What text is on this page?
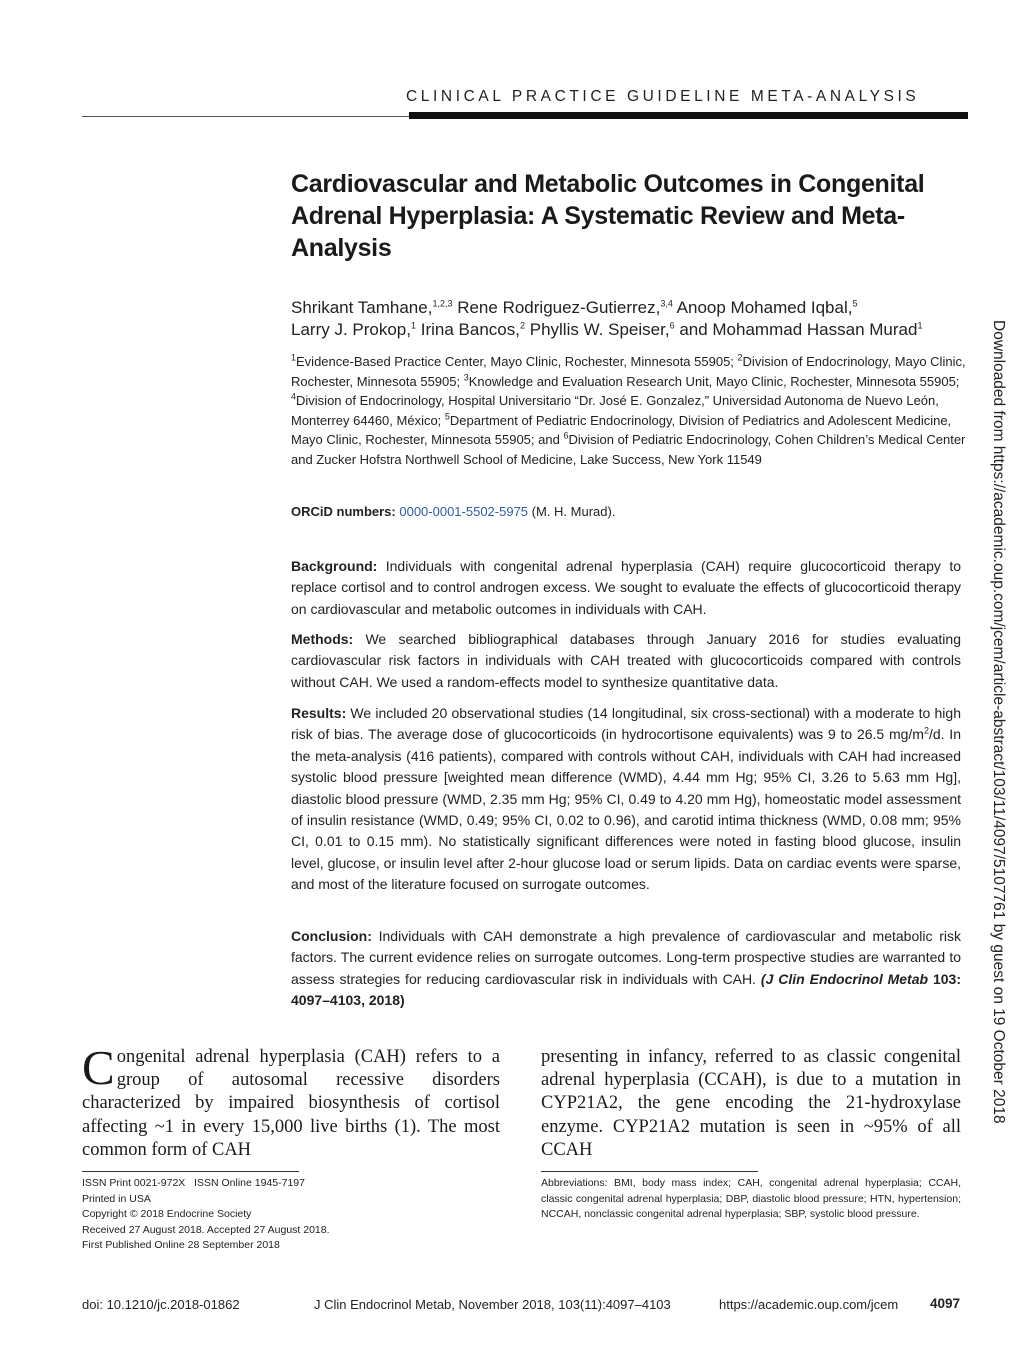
CLINICAL PRACTICE GUIDELINE META-ANALYSIS
Cardiovascular and Metabolic Outcomes in Congenital Adrenal Hyperplasia: A Systematic Review and Meta-Analysis
Shrikant Tamhane,$^{1,2,3}$ Rene Rodriguez-Gutierrez,$^{3,4}$ Anoop Mohamed Iqbal,$^5$
Larry J. Prokop,$^1$ Irina Bancos,$^2$ Phyllis W. Speiser,$^6$ and Mohammad Hassan Murad$^1$
$^1$Evidence-Based Practice Center, Mayo Clinic, Rochester, Minnesota 55905; $^2$Division of Endocrinology, Mayo Clinic, Rochester, Minnesota 55905; $^3$Knowledge and Evaluation Research Unit, Mayo Clinic, Rochester, Minnesota 55905; $^4$Division of Endocrinology, Hospital Universitario “Dr. José E. Gonzalez,” Universidad Autonoma de Nuevo León, Monterrey 64460, México; $^5$Department of Pediatric Endocrinology, Division of Pediatrics and Adolescent Medicine, Mayo Clinic, Rochester, Minnesota 55905; and $^6$Division of Pediatric Endocrinology, Cohen Children’s Medical Center and Zucker Hofstra Northwell School of Medicine, Lake Success, New York 11549
ORCiD numbers: 0000-0001-5502-5975 (M. H. Murad).
Background: Individuals with congenital adrenal hyperplasia (CAH) require glucocorticoid therapy to replace cortisol and to control androgen excess. We sought to evaluate the effects of glucocorticoid therapy on cardiovascular and metabolic outcomes in individuals with CAH.
Methods: We searched bibliographical databases through January 2016 for studies evaluating cardiovascular risk factors in individuals with CAH treated with glucocorticoids compared with controls without CAH. We used a random-effects model to synthesize quantitative data.
Results: We included 20 observational studies (14 longitudinal, six cross-sectional) with a moderate to high risk of bias. The average dose of glucocorticoids (in hydrocortisone equivalents) was 9 to 26.5 $mg/m^2/d$. In the meta-analysis (416 patients), compared with controls without CAH, individuals with CAH had increased systolic blood pressure [weighted mean difference (WMD), 4.44 mm Hg; 95% CI, 3.26 to 5.63 mm Hg], diastolic blood pressure (WMD, 2.35 mm Hg; 95% CI, 0.49 to 4.20 mm Hg), homeostatic model assessment of insulin resistance (WMD, 0.49; 95% CI, 0.02 to 0.96), and carotid intima thickness (WMD, 0.08 mm; 95% CI, 0.01 to 0.15 mm). No statistically significant differences were noted in fasting blood glucose, insulin level, glucose, or insulin level after 2-hour glucose load or serum lipids. Data on cardiac events were sparse, and most of the literature focused on surrogate outcomes.
Conclusion: Individuals with CAH demonstrate a high prevalence of cardiovascular and metabolic risk factors. The current evidence relies on surrogate outcomes. Long-term prospective studies are warranted to assess strategies for reducing cardiovascular risk in individuals with CAH. (J Clin Endocrinol Metab 103: 4097–4103, 2018)
Congenital adrenal hyperplasia (CAH) refers to a group of autosomal recessive disorders characterized by impaired biosynthesis of cortisol affecting ~1 in every 15,000 live births (1). The most common form of CAH
presenting in infancy, referred to as classic congenital adrenal hyperplasia (CCAH), is due to a mutation in CYP21A2, the gene encoding the 21-hydroxylase enzyme. CYP21A2 mutation is seen in ~95% of all CCAH
ISSN Print 0021-972X   ISSN Online 1945-7197
Printed in USA
Copyright © 2018 Endocrine Society
Received 27 August 2018. Accepted 27 August 2018.
First Published Online 28 September 2018
Abbreviations: BMI, body mass index; CAH, congenital adrenal hyperplasia; CCAH, classic congenital adrenal hyperplasia; DBP, diastolic blood pressure; HTN, hypertension; NCCAH, nonclassic congenital adrenal hyperplasia; SBP, systolic blood pressure.
doi: 10.1210/jc.2018-01862	J Clin Endocrinol Metab, November 2018, 103(11):4097–4103	https://academic.oup.com/jcem 4097
Downloaded from https://academic.oup.com/jcem/article-abstract/103/11/4097/5107761 by guest on 19 October 2018
